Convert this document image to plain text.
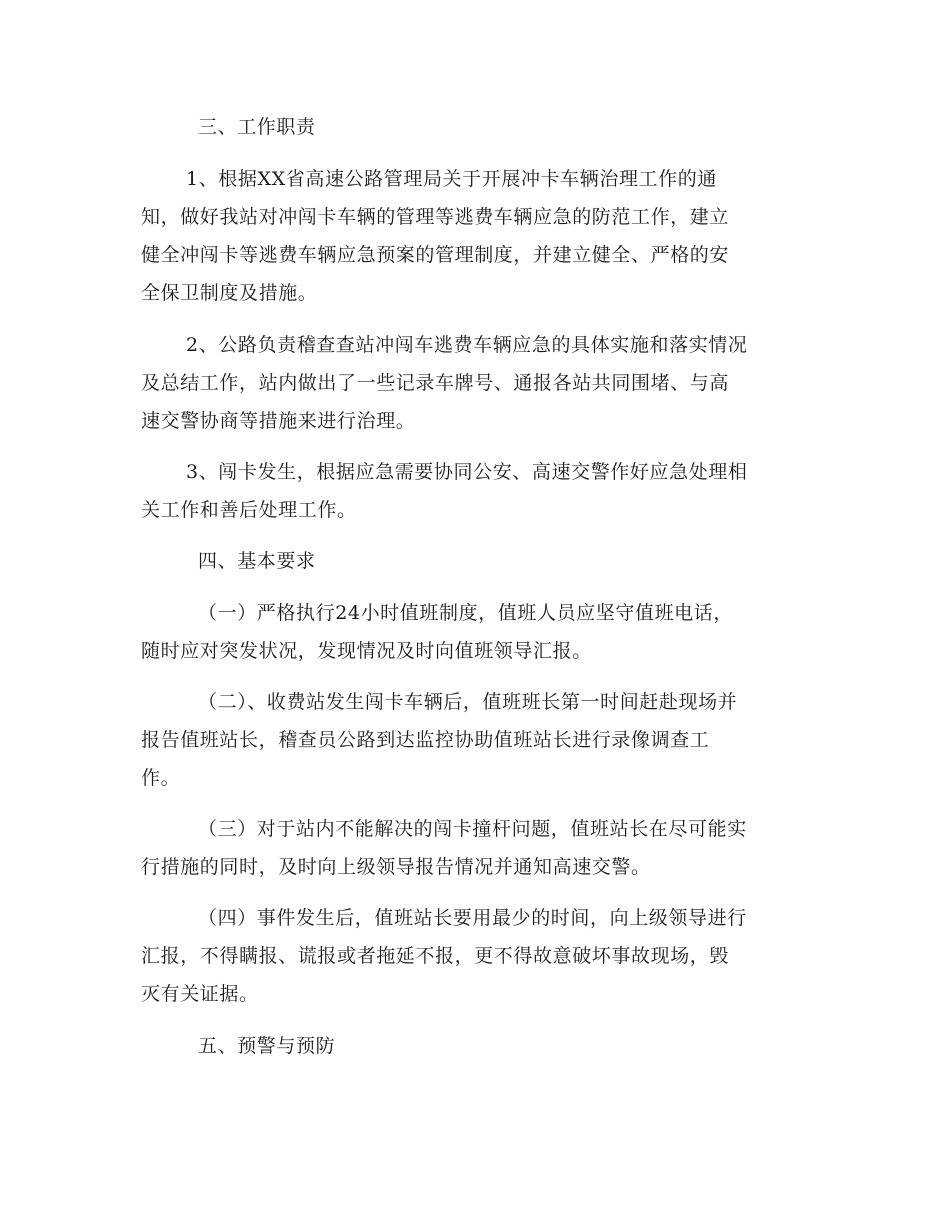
三、工作职责
1、根据XX省高速公路管理局关于开展冲卡车辆治理工作的通
知，做好我站对冲闯卡车辆的管理等逃费车辆应急的防范工作，建立
健全冲闯卡等逃费车辆应急预案的管理制度，并建立健全、严格的安
全保卫制度及措施。
2、公路负责稽查查站冲闯车逃费车辆应急的具体实施和落实情况
及总结工作，站内做出了一些记录车牌号、通报各站共同围堵、与高
速交警协商等措施来进行治理。
3、闯卡发生，根据应急需要协同公安、高速交警作好应急处理相
关工作和善后处理工作。
四、基本要求
（一）严格执行24小时值班制度，值班人员应坚守值班电话，
随时应对突发状况，发现情况及时向值班领导汇报。
（二）、收费站发生闯卡车辆后，值班班长第一时间赶赴现场并
报告值班站长，稽查员公路到达监控协助值班站长进行录像调查工
作。
（三）对于站内不能解决的闯卡撞杆问题，值班站长在尽可能实
行措施的同时，及时向上级领导报告情况并通知高速交警。
（四）事件发生后，值班站长要用最少的时间，向上级领导进行
汇报，不得瞒报、谎报或者拖延不报，更不得故意破坏事故现场，毁
灭有关证据。
五、预警与预防
